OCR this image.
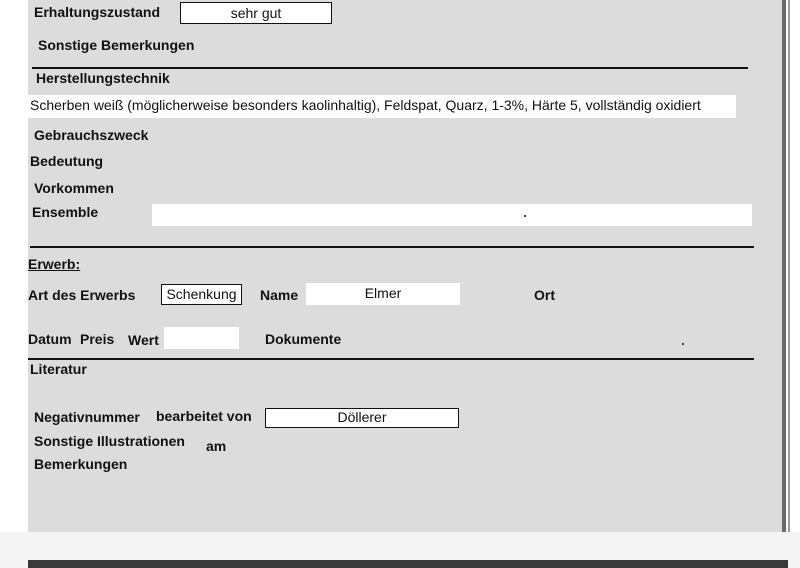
Erhaltungszustand	sehr gut
Sonstige Bemerkungen
Herstellungstechnik
Scherben weiß (möglicherweise besonders kaolinhaltig), Feldspat, Quarz, 1-3%, Härte 5, vollständig oxidiert
Gebrauchszweck
Bedeutung
Vorkommen
Ensemble
Erwerb:
Art des Erwerbs	Schenkung	Name	Elmer	Ort
Datum Preis Wert	Dokumente
Literatur
Negativnummer bearbeitet von	Döllerer
Sonstige Illustrationen am
Bemerkungen
